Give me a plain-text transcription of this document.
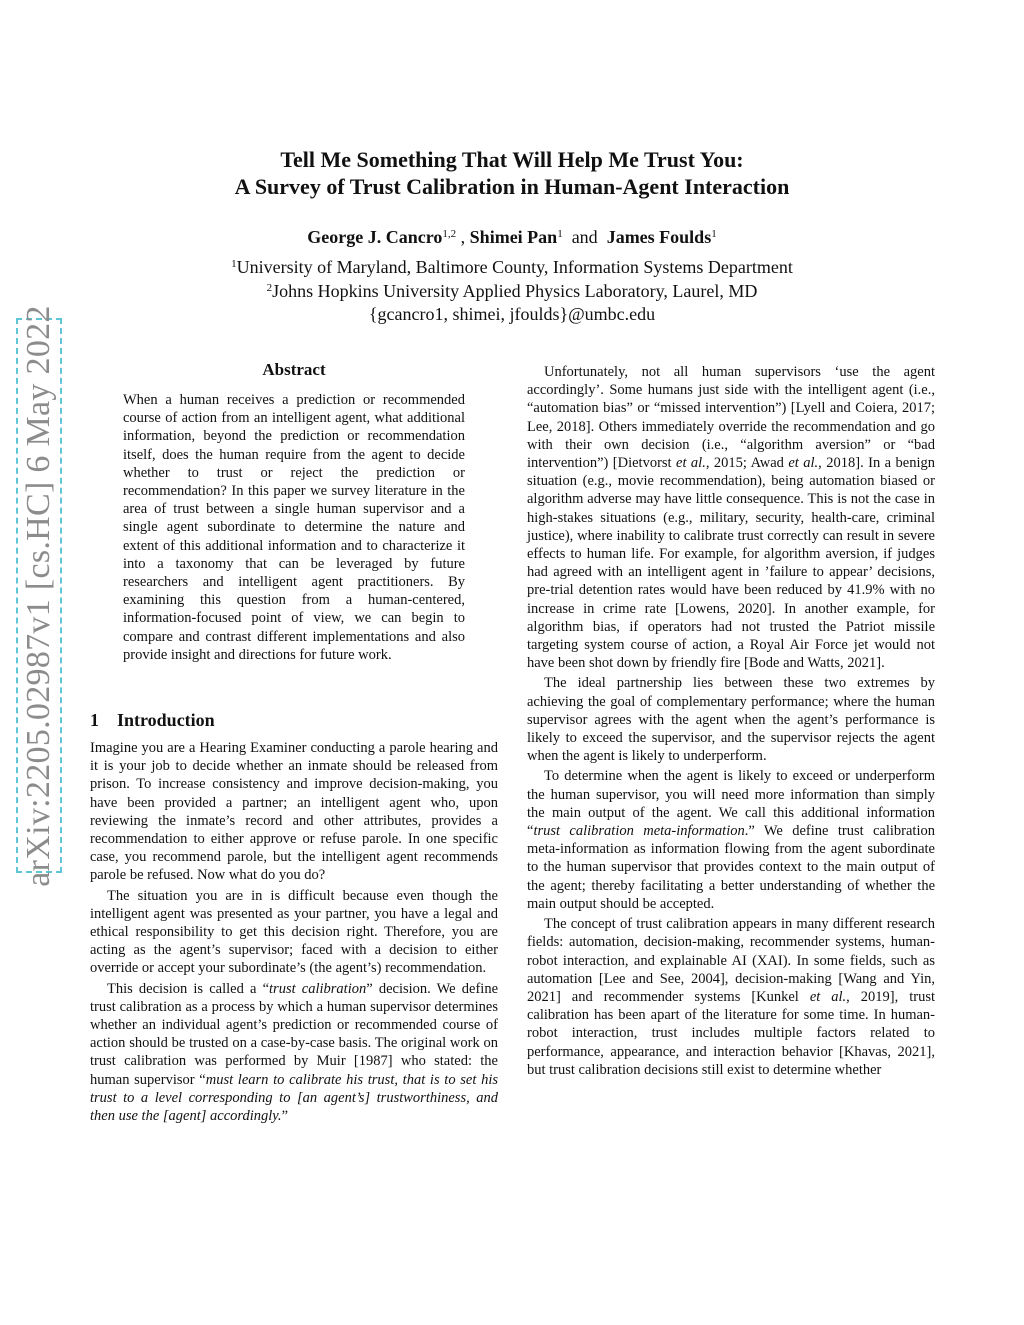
arXiv:2205.02987v1 [cs.HC] 6 May 2022
Tell Me Something That Will Help Me Trust You:
A Survey of Trust Calibration in Human-Agent Interaction
George J. Cancro$^{1,2}$ , Shimei Pan$^1$  and  James Foulds$^1$
$^1$University of Maryland, Baltimore County, Information Systems Department
$^2$Johns Hopkins University Applied Physics Laboratory, Laurel, MD
{gcancro1, shimei, jfoulds}@umbc.edu
Abstract
When a human receives a prediction or recommended course of action from an intelligent agent, what additional information, beyond the prediction or recommendation itself, does the human require from the agent to decide whether to trust or reject the prediction or recommendation? In this paper we survey literature in the area of trust between a single human supervisor and a single agent subordinate to determine the nature and extent of this additional information and to characterize it into a taxonomy that can be leveraged by future researchers and intelligent agent practitioners. By examining this question from a human-centered, information-focused point of view, we can begin to compare and contrast different implementations and also provide insight and directions for future work.
1 Introduction

Imagine you are a Hearing Examiner conducting a parole hearing and it is your job to decide whether an inmate should be released from prison. To increase consistency and improve decision-making, you have been provided a partner; an intelligent agent who, upon reviewing the inmate’s record and other attributes, provides a recommendation to either approve or refuse parole. In one specific case, you recommend parole, but the intelligent agent recommends parole be refused. Now what do you do?

The situation you are in is difficult because even though the intelligent agent was presented as your partner, you have a legal and ethical responsibility to get this decision right. Therefore, you are acting as the agent’s supervisor; faced with a decision to either override or accept your subordinate’s (the agent’s) recommendation.

This decision is called a “trust calibration” decision. We define trust calibration as a process by which a human supervisor determines whether an individual agent’s prediction or recommended course of action should be trusted on a case-by-case basis. The original work on trust calibration was performed by Muir [1987] who stated: the human supervisor “must learn to calibrate his trust, that is to set his trust to a level corresponding to [an agent’s] trustworthiness, and then use the [agent] accordingly.”

Unfortunately, not all human supervisors ‘use the agent accordingly’. Some humans just side with the intelligent agent (i.e., “automation bias” or “missed intervention”) [Lyell and Coiera, 2017; Lee, 2018]. Others immediately override the recommendation and go with their own decision (i.e., “algorithm aversion” or “bad intervention”) [Dietvorst et al., 2015; Awad et al., 2018]. In a benign situation (e.g., movie recommendation), being automation biased or algorithm adverse may have little consequence. This is not the case in high-stakes situations (e.g., military, security, health-care, criminal justice), where inability to calibrate trust correctly can result in severe effects to human life. For example, for algorithm aversion, if judges had agreed with an intelligent agent in ’failure to appear’ decisions, pre-trial detention rates would have been reduced by 41.9% with no increase in crime rate [Lowens, 2020]. In another example, for algorithm bias, if operators had not trusted the Patriot missile targeting system course of action, a Royal Air Force jet would not have been shot down by friendly fire [Bode and Watts, 2021].

The ideal partnership lies between these two extremes by achieving the goal of complementary performance; where the human supervisor agrees with the agent when the agent’s performance is likely to exceed the supervisor, and the supervisor rejects the agent when the agent is likely to underperform.

To determine when the agent is likely to exceed or underperform the human supervisor, you will need more information than simply the main output of the agent. We call this additional information “trust calibration meta-information.” We define trust calibration meta-information as information flowing from the agent subordinate to the human supervisor that provides context to the main output of the agent; thereby facilitating a better understanding of whether the main output should be accepted.

The concept of trust calibration appears in many different research fields: automation, decision-making, recommender systems, human-robot interaction, and explainable AI (XAI). In some fields, such as automation [Lee and See, 2004], decision-making [Wang and Yin, 2021] and recommender systems [Kunkel et al., 2019], trust calibration has been apart of the literature for some time. In human-robot interaction, trust includes multiple factors related to performance, appearance, and interaction behavior [Khavas, 2021], but trust calibration decisions still exist to determine whether
